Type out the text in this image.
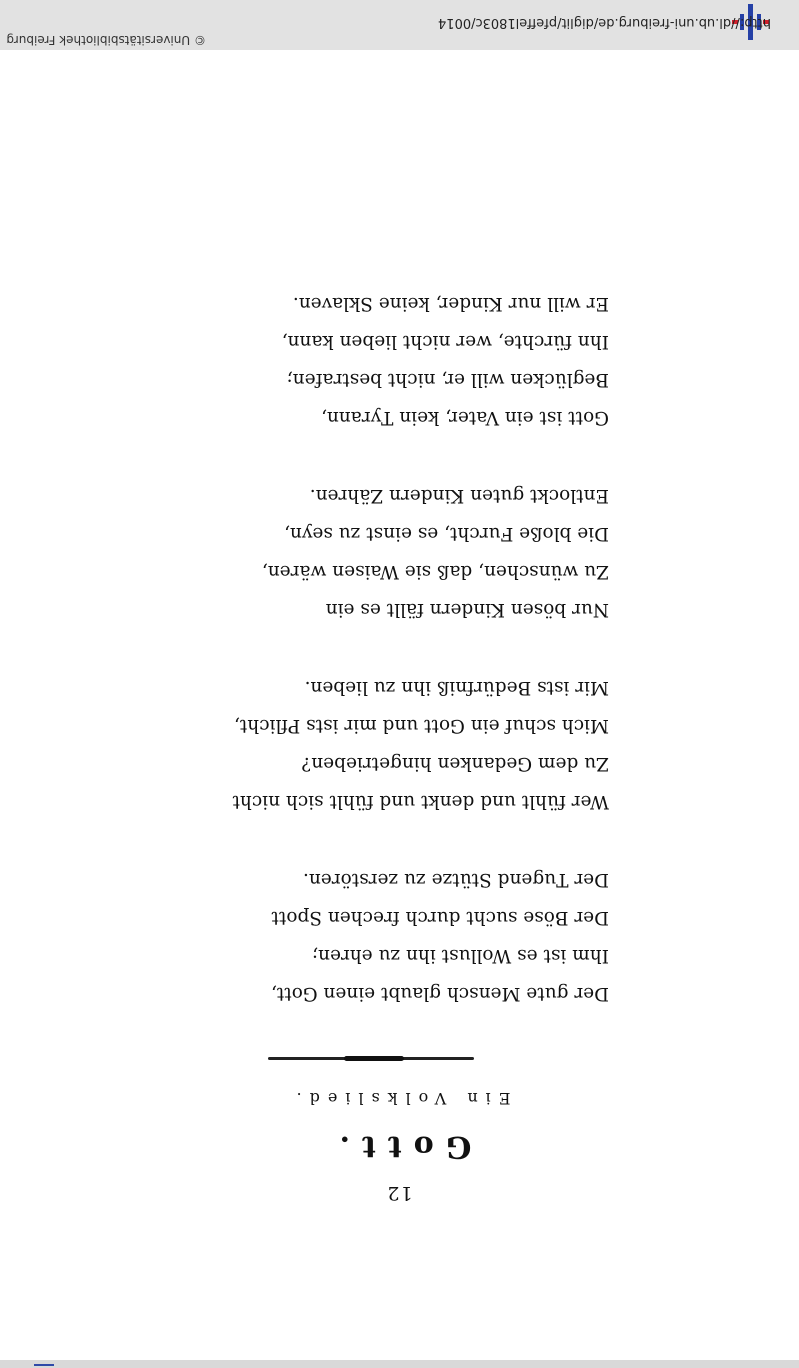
12
Gott.
Ein Volkslied.
Der gute Mensch glaubt einen Gott,
Ihm ist es Wollust ihn zu ehren;
Der Böse sucht durch frechen Spott
Der Tugend Stütze zu zerstören.
Wer fühlt und denkt und fühlt sich nicht
Zu dem Gedanken hingetrieben?
Mich schuf ein Gott und mir ists Pflicht,
Mir ists Bedürfniß ihn zu lieben.
Nur bösen Kindern fällt es ein
Zu wünschen, daß sie Waisen wären,
Die bloße Furcht, es einst zu seyn,
Entlockt guten Kindern Zähren.
Gott ist ein Vater, kein Tyrann,
Beglücken will er, nicht bestrafen;
Ihn fürchte, wer nicht lieben kann,
Er will nur Kinder, keine Sklaven.
© Universitätsbibliothek Freiburg
http://dl.ub.uni-freiburg.de/diglit/pfeffel1803c/0014
